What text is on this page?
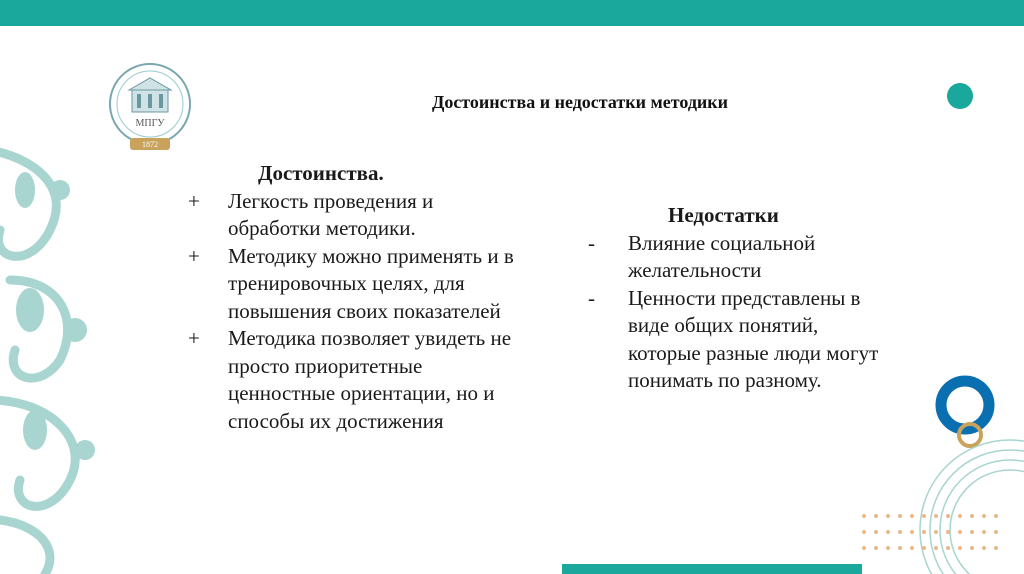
МПГУ
1872
Достоинства и недостатки методики
Достоинства.
+	Легкость проведения и обработки методики.
+	Методику можно применять и в тренировочных целях, для повышения своих показателей
+	Методика позволяет увидеть не просто приоритетные ценностные ориентации, но и способы их достижения
Недостатки
-	Влияние социальной желательности
-	Ценности представлены в виде общих понятий, которые разные люди могут понимать по разному.
